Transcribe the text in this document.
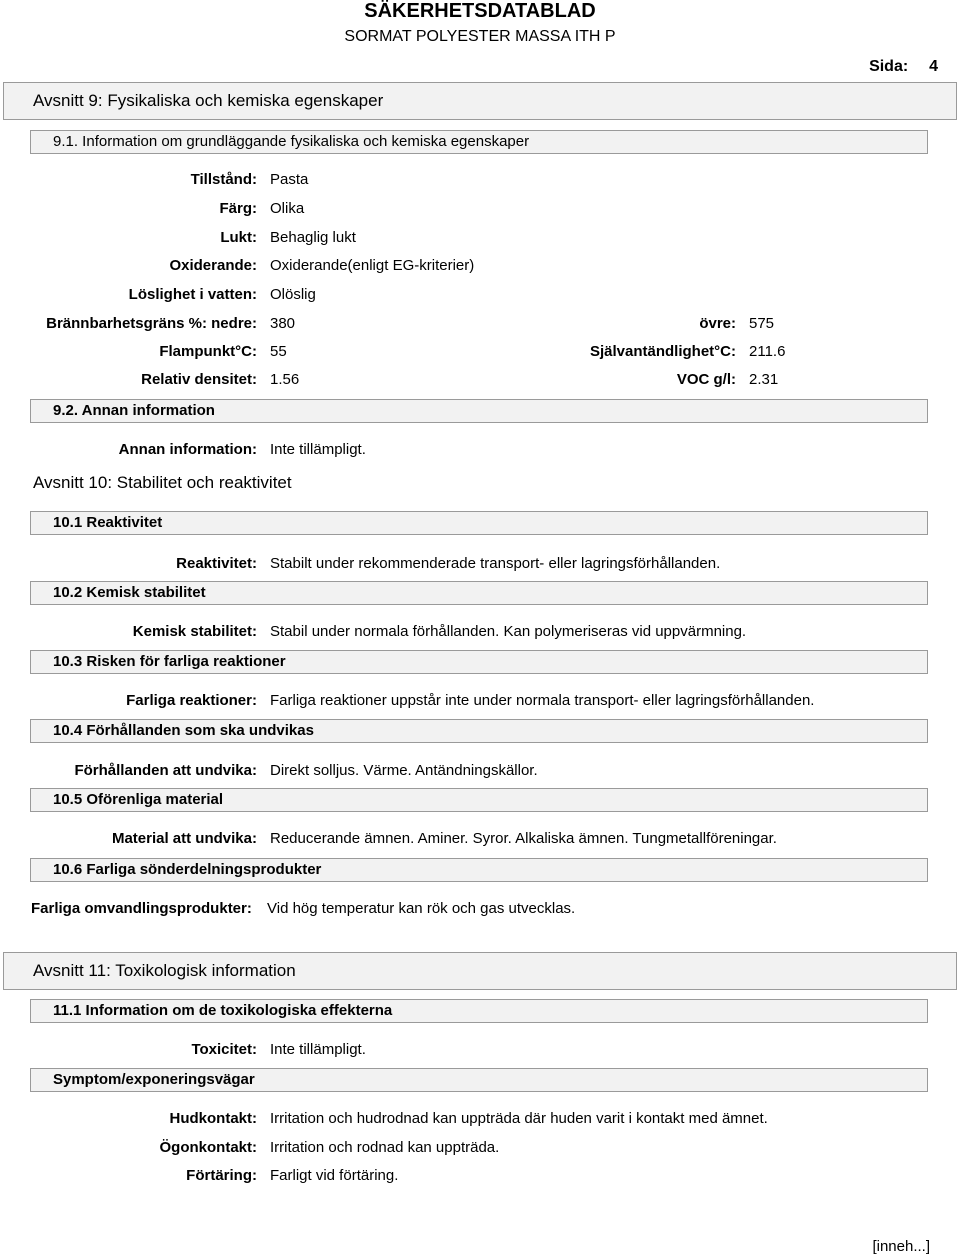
SÄKERHETSDATABLAD
SORMAT POLYESTER MASSA ITH P
Sida: 4
Avsnitt 9: Fysikaliska och kemiska egenskaper
9.1. Information om grundläggande fysikaliska och kemiska egenskaper
Tillstånd: Pasta
Färg: Olika
Lukt: Behaglig lukt
Oxiderande: Oxiderande(enligt EG-kriterier)
Löslighet i vatten: Olöslig
Brännbarhetsgräns %: nedre: 380	övre: 575
Flampunkt°C: 55	Självantändlighet°C: 211.6
Relativ densitet: 1.56	VOC g/l: 2.31
9.2. Annan information
Annan information: Inte tillämpligt.
Avsnitt 10: Stabilitet och reaktivitet
10.1 Reaktivitet
Reaktivitet: Stabilt under rekommenderade transport- eller lagringsförhållanden.
10.2 Kemisk stabilitet
Kemisk stabilitet: Stabil under normala förhållanden. Kan polymeriseras vid uppvärmning.
10.3 Risken för farliga reaktioner
Farliga reaktioner: Farliga reaktioner uppstår inte under normala transport- eller lagringsförhållanden.
10.4 Förhållanden som ska undvikas
Förhållanden att undvika: Direkt solljus. Värme. Antändningskällor.
10.5 Oförenliga material
Material att undvika: Reducerande ämnen. Aminer. Syror. Alkaliska ämnen. Tungmetallföreningar.
10.6 Farliga sönderdelningsprodukter
Farliga omvandlingsprodukter: Vid hög temperatur kan rök och gas utvecklas.
Avsnitt 11: Toxikologisk information
11.1 Information om de toxikologiska effekterna
Toxicitet: Inte tillämpligt.
Symptom/exponeringsvägar
Hudkontakt: Irritation och hudrodnad kan uppträda där huden varit i kontakt med ämnet.
Ögonkontakt: Irritation och rodnad kan uppträda.
Förtäring: Farligt vid förtäring.
[inneh...]
